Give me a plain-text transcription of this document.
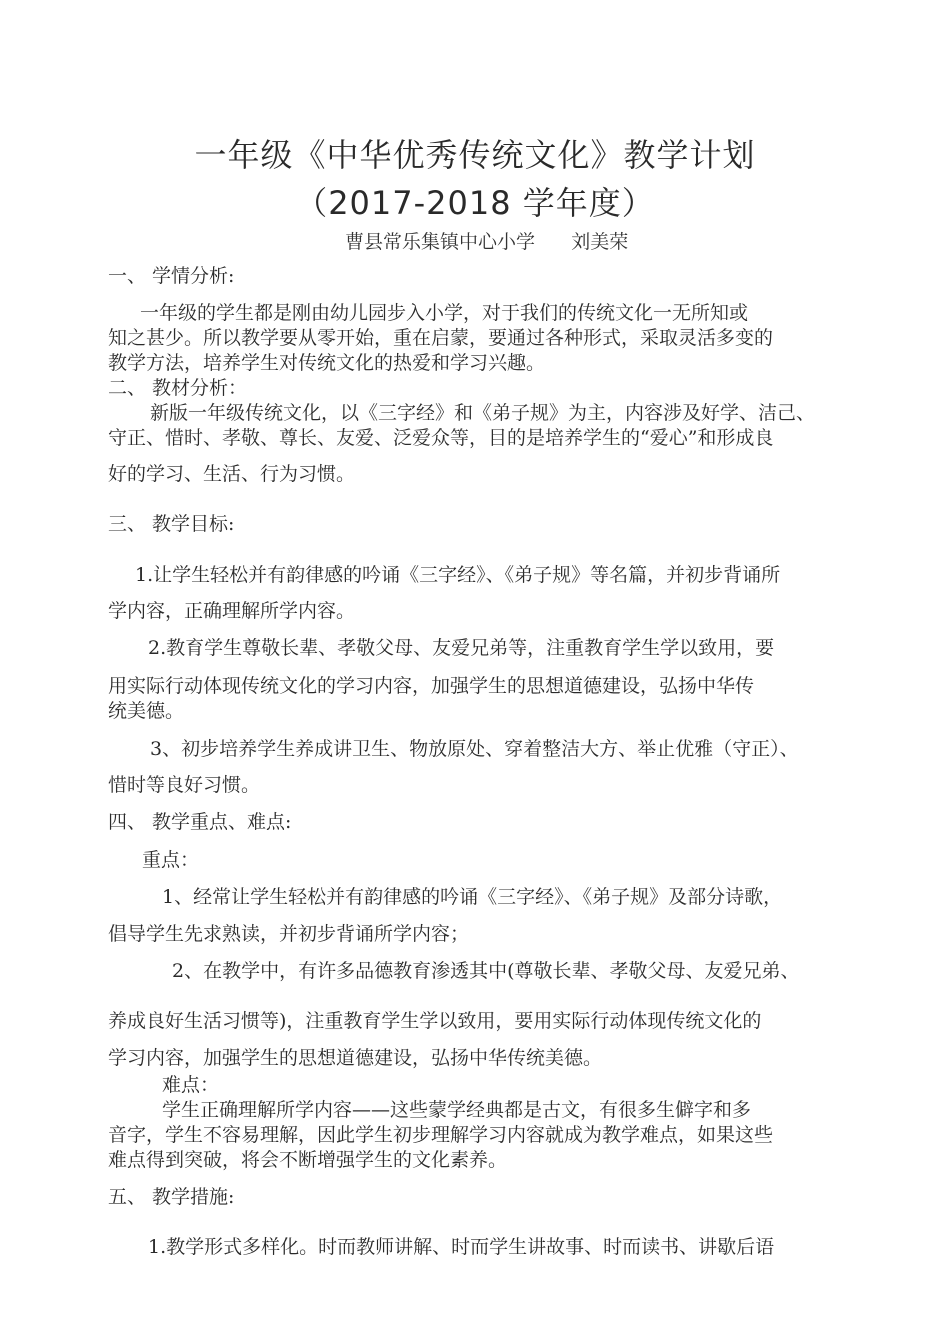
一年级《中华优秀传统文化》教学计划
（2017-2018 学年度）
曹县常乐集镇中心小学      刘美荣
一、 学情分析:
一年级的学生都是刚由幼儿园步入小学，对于我们的传统文化一无所知或
知之甚少。所以教学要从零开始，重在启蒙，要通过各种形式，采取灵活多变的
教学方法，培养学生对传统文化的热爱和学习兴趣。
二、 教材分析：
新版一年级传统文化，以《三字经》和《弟子规》为主，内容涉及好学、洁己、
守正、惜时、孝敬、尊长、友爱、泛爱众等，目的是培养学生的“爱心”和形成良
好的学习、生活、行为习惯。
三、 教学目标:
1.让学生轻松并有韵律感的吟诵《三字经》、《弟子规》等名篇，并初步背诵所
学内容，正确理解所学内容。
2.教育学生尊敬长辈、孝敬父母、友爱兄弟等，注重教育学生学以致用，要
用实际行动体现传统文化的学习内容，加强学生的思想道德建设，弘扬中华传
统美德。
3、初步培养学生养成讲卫生、物放原处、穿着整洁大方、举止优雅（守正）、
惜时等良好习惯。
四、 教学重点、难点:
重点：
1、经常让学生轻松并有韵律感的吟诵《三字经》、《弟子规》及部分诗歌，
倡导学生先求熟读，并初步背诵所学内容；
2、在教学中，有许多品德教育渗透其中(尊敬长辈、孝敬父母、友爱兄弟、
养成良好生活习惯等)，注重教育学生学以致用，要用实际行动体现传统文化的
学习内容，加强学生的思想道德建设，弘扬中华传统美德。
难点：
学生正确理解所学内容——这些蒙学经典都是古文，有很多生僻字和多
音字，学生不容易理解，因此学生初步理解学习内容就成为教学难点，如果这些
难点得到突破，将会不断增强学生的文化素养。
五、 教学措施:
1.教学形式多样化。时而教师讲解、时而学生讲故事、时而读书、讲歇后语
